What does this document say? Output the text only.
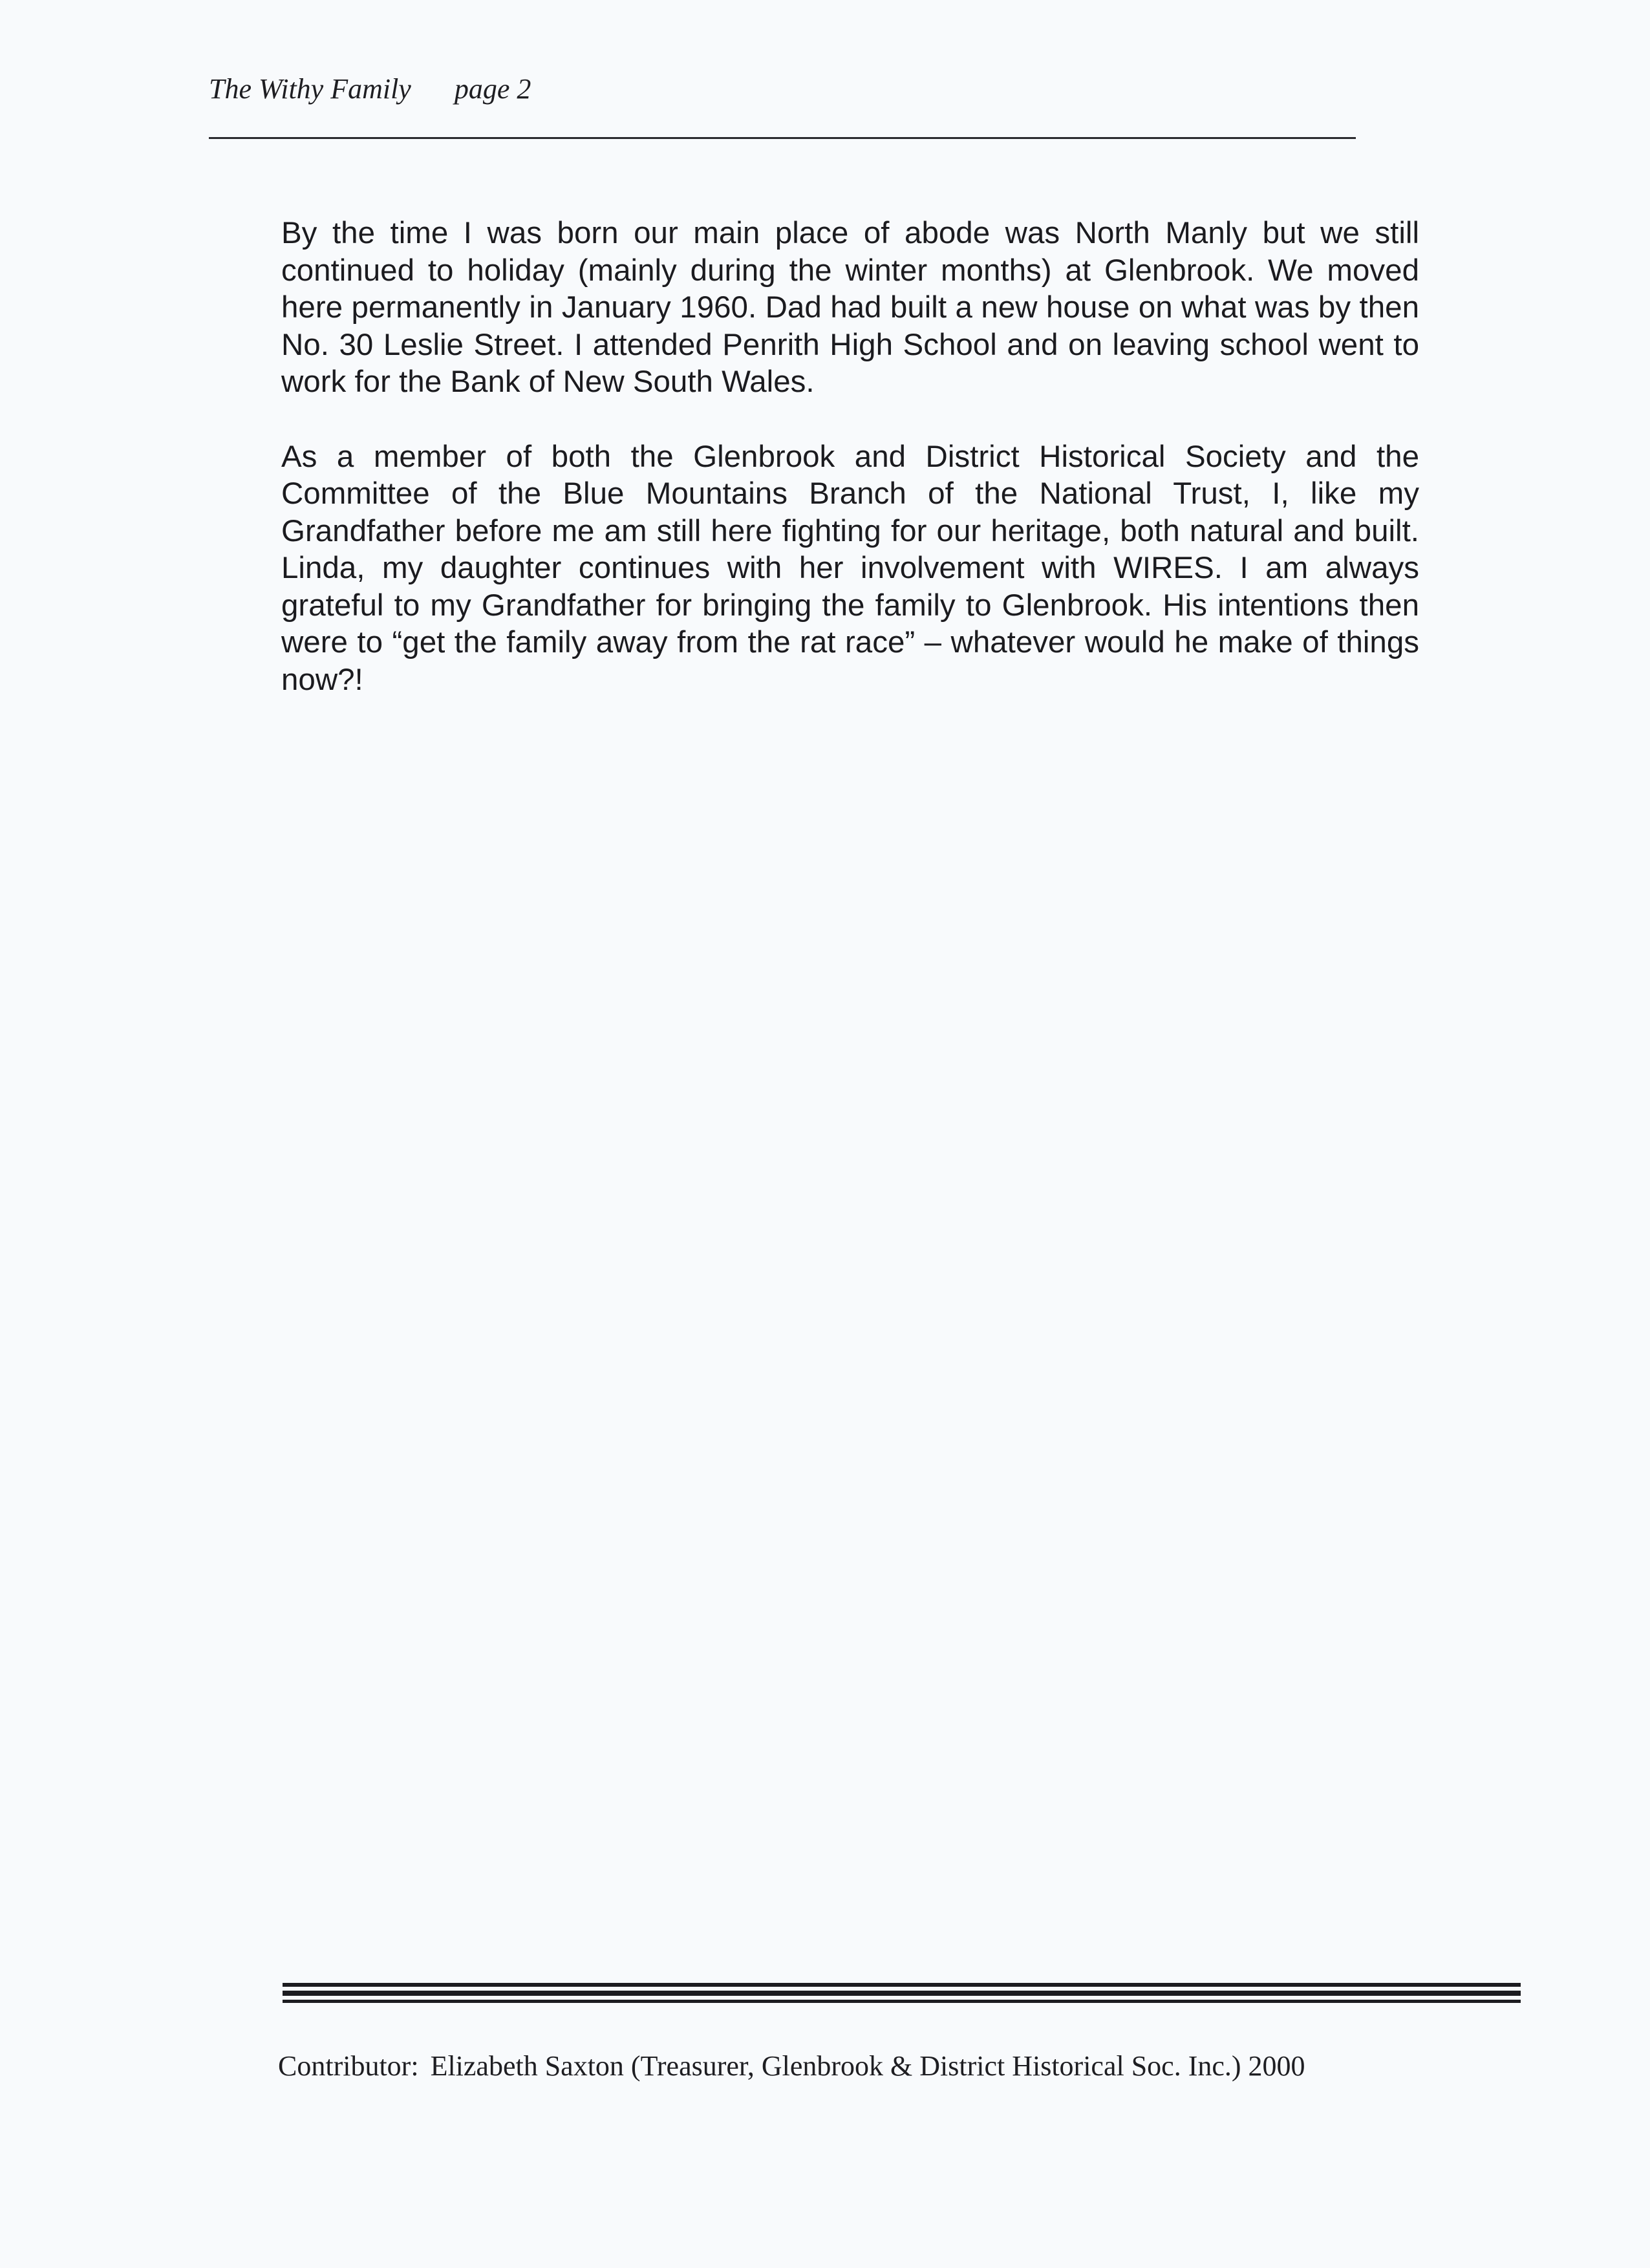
The Withy Family page 2

By the time I was born our main place of abode was North Manly but we still continued to holiday (mainly during the winter months) at Glenbrook. We moved here permanently in January 1960. Dad had built a new house on what was by then No. 30 Leslie Street. I attended Penrith High School and on leaving school went to work for the Bank of New South Wales.

As a member of both the Glenbrook and District Historical Society and the Committee of the Blue Mountains Branch of the National Trust, I, like my Grandfather before me am still here fighting for our heritage, both natural and built. Linda, my daughter continues with her involvement with WIRES. I am always grateful to my Grandfather for bringing the family to Glenbrook. His intentions then were to “get the family away from the rat race” – whatever would he make of things now?!

Contributor: Elizabeth Saxton (Treasurer, Glenbrook & District Historical Soc. Inc.) 2000
